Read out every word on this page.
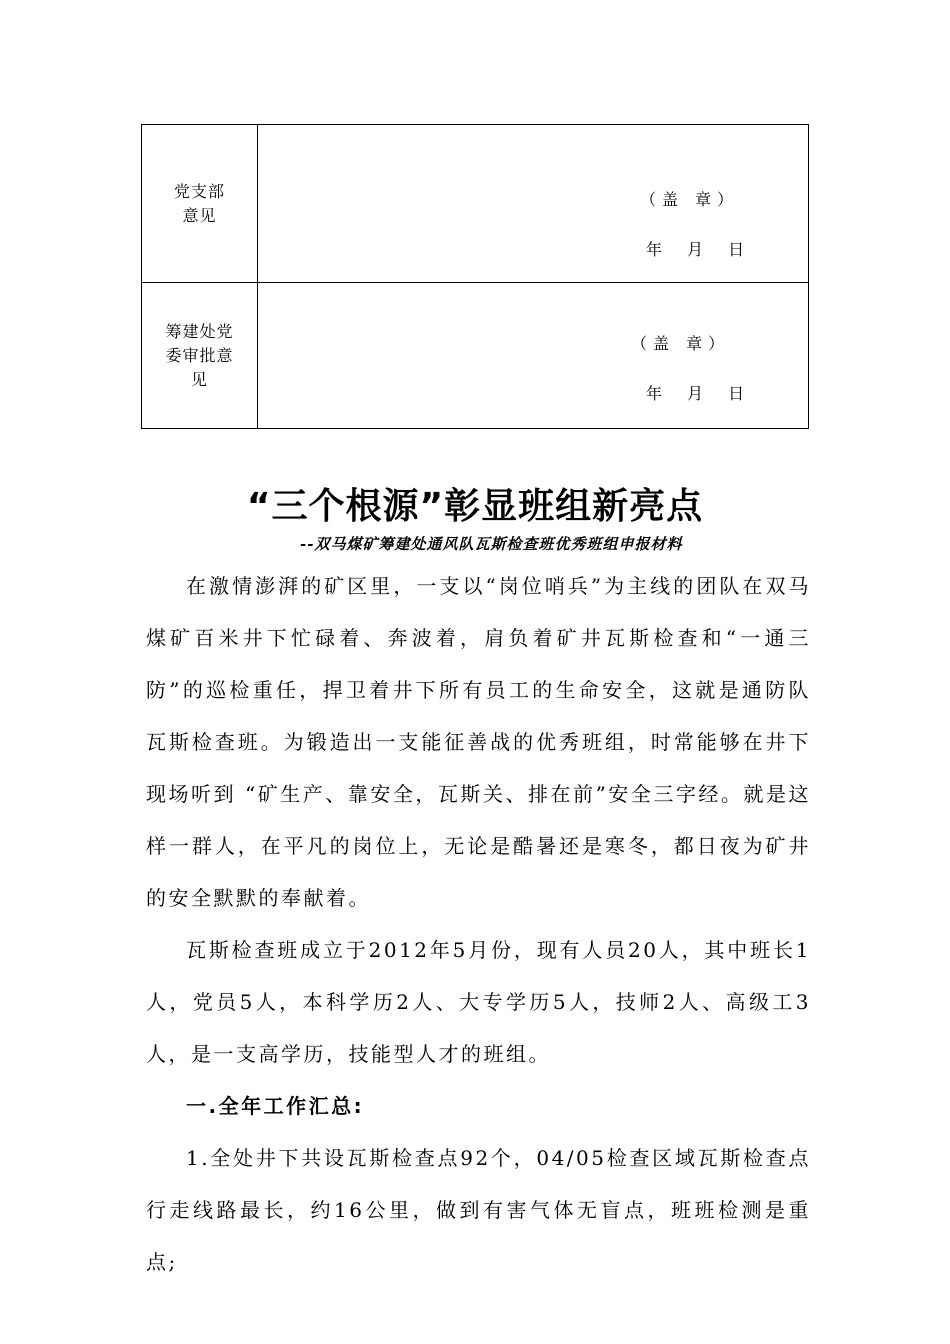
党支部
意见	（盖 章）
年 月 日

筹建处党
委审批意
见	（盖 章）
年 月 日
“三个根源”彰显班组新亮点
--双马煤矿筹建处通风队瓦斯检查班优秀班组申报材料

在激情澎湃的矿区里，一支以“岗位哨兵”为主线的团队在双马煤矿百米井下忙碌着、奔波着，肩负着矿井瓦斯检查和“一通三防”的巡检重任，捍卫着井下所有员工的生命安全，这就是通防队瓦斯检查班。为锻造出一支能征善战的优秀班组，时常能够在井下现场听到 “矿生产、靠安全，瓦斯关、排在前”安全三字经。就是这样一群人，在平凡的岗位上，无论是酷暑还是寒冬，都日夜为矿井的安全默默的奉献着。

瓦斯检查班成立于2012年5月份，现有人员20人，其中班长1人，党员5人，本科学历2人、大专学历5人，技师2人、高级工3人，是一支高学历，技能型人才的班组。

一.全年工作汇总:

1.全处井下共设瓦斯检查点92个，04/05检查区域瓦斯检查点行走线路最长，约16公里，做到有害气体无盲点，班班检测是重点;
